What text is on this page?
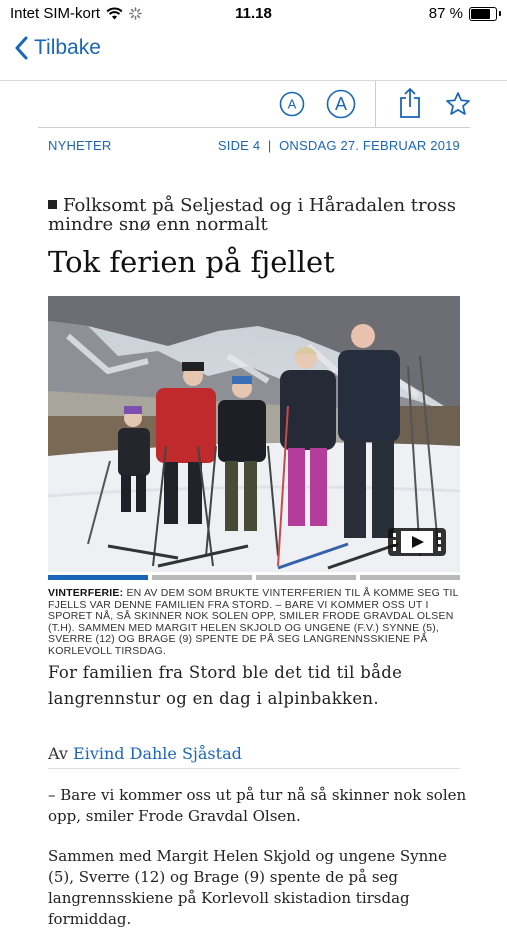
Intet SIM-kort	11.18	87 %
Tilbake
A A
NYHETER	SIDE 4  |  ONSDAG 27. FEBRUAR 2019
Folksomt på Seljestad og i Håradalen tross mindre snø enn normalt
Tok ferien på fjellet
VINTERFERIE: EN AV DEM SOM BRUKTE VINTERFERIEN TIL Å KOMME SEG TIL FJELLS VAR DENNE FAMILIEN FRA STORD. – BARE VI KOMMER OSS UT I SPORET NÅ, SÅ SKINNER NOK SOLEN OPP, SMILER FRODE GRAVDAL OLSEN (T.H). SAMMEN MED MARGIT HELEN SKJOLD OG UNGENE (F.V.) SYNNE (5), SVERRE (12) OG BRAGE (9) SPENTE DE PÅ SEG LANGRENNSSKIENE PÅ KORLEVOLL TIRSDAG.
For familien fra Stord ble det tid til både langrennstur og en dag i alpinbakken.
Av Eivind Dahle Sjåstad
– Bare vi kommer oss ut på tur nå så skinner nok solen opp, smiler Frode Gravdal Olsen.
Sammen med Margit Helen Skjold og ungene Synne (5), Sverre (12) og Brage (9) spente de på seg langrennsskiene på Korlevoll skistadion tirsdag formiddag.
